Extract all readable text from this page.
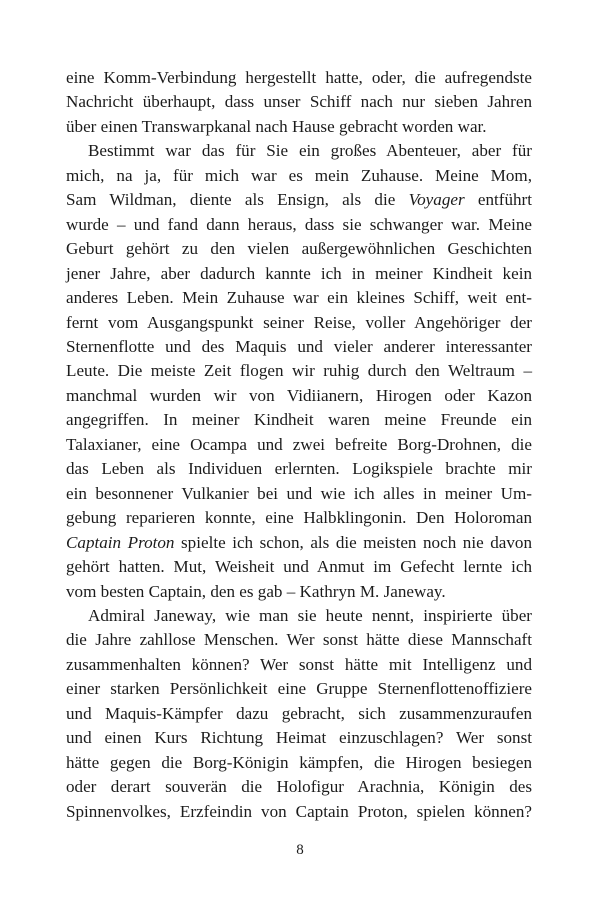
eine Komm-Verbindung hergestellt hatte, oder, die aufregendste
Nachricht überhaupt, dass unser Schiff nach nur sieben Jahren
über einen Transwarpkanal nach Hause gebracht worden war.
Bestimmt war das für Sie ein großes Abenteuer, aber für
mich, na ja, für mich war es mein Zuhause. Meine Mom,
Sam Wildman, diente als Ensign, als die Voyager entführt
wurde – und fand dann heraus, dass sie schwanger war. Meine
Geburt gehört zu den vielen außergewöhnlichen Geschichten
jener Jahre, aber dadurch kannte ich in meiner Kindheit kein
anderes Leben. Mein Zuhause war ein kleines Schiff, weit ent-
fernt vom Ausgangspunkt seiner Reise, voller Angehöriger der
Sternenflotte und des Maquis und vieler anderer interessanter
Leute. Die meiste Zeit flogen wir ruhig durch den Weltraum –
manchmal wurden wir von Vidiianern, Hirogen oder Kazon
angegriffen. In meiner Kindheit waren meine Freunde ein
Talaxianer, eine Ocampa und zwei befreite Borg-Drohnen, die
das Leben als Individuen erlernten. Logikspiele brachte mir
ein besonnener Vulkanier bei und wie ich alles in meiner Um-
gebung reparieren konnte, eine Halbklingonin. Den Holoroman
Captain Proton spielte ich schon, als die meisten noch nie davon
gehört hatten. Mut, Weisheit und Anmut im Gefecht lernte ich
vom besten Captain, den es gab – Kathryn M. Janeway.
Admiral Janeway, wie man sie heute nennt, inspirierte über
die Jahre zahllose Menschen. Wer sonst hätte diese Mannschaft
zusammenhalten können? Wer sonst hätte mit Intelligenz und
einer starken Persönlichkeit eine Gruppe Sternenflottenoffiziere
und Maquis-Kämpfer dazu gebracht, sich zusammenzuraufen
und einen Kurs Richtung Heimat einzuschlagen? Wer sonst
hätte gegen die Borg-Königin kämpfen, die Hirogen besiegen
oder derart souverän die Holofigur Arachnia, Königin des
Spinnenvolkes, Erzfeindin von Captain Proton, spielen können?
8
